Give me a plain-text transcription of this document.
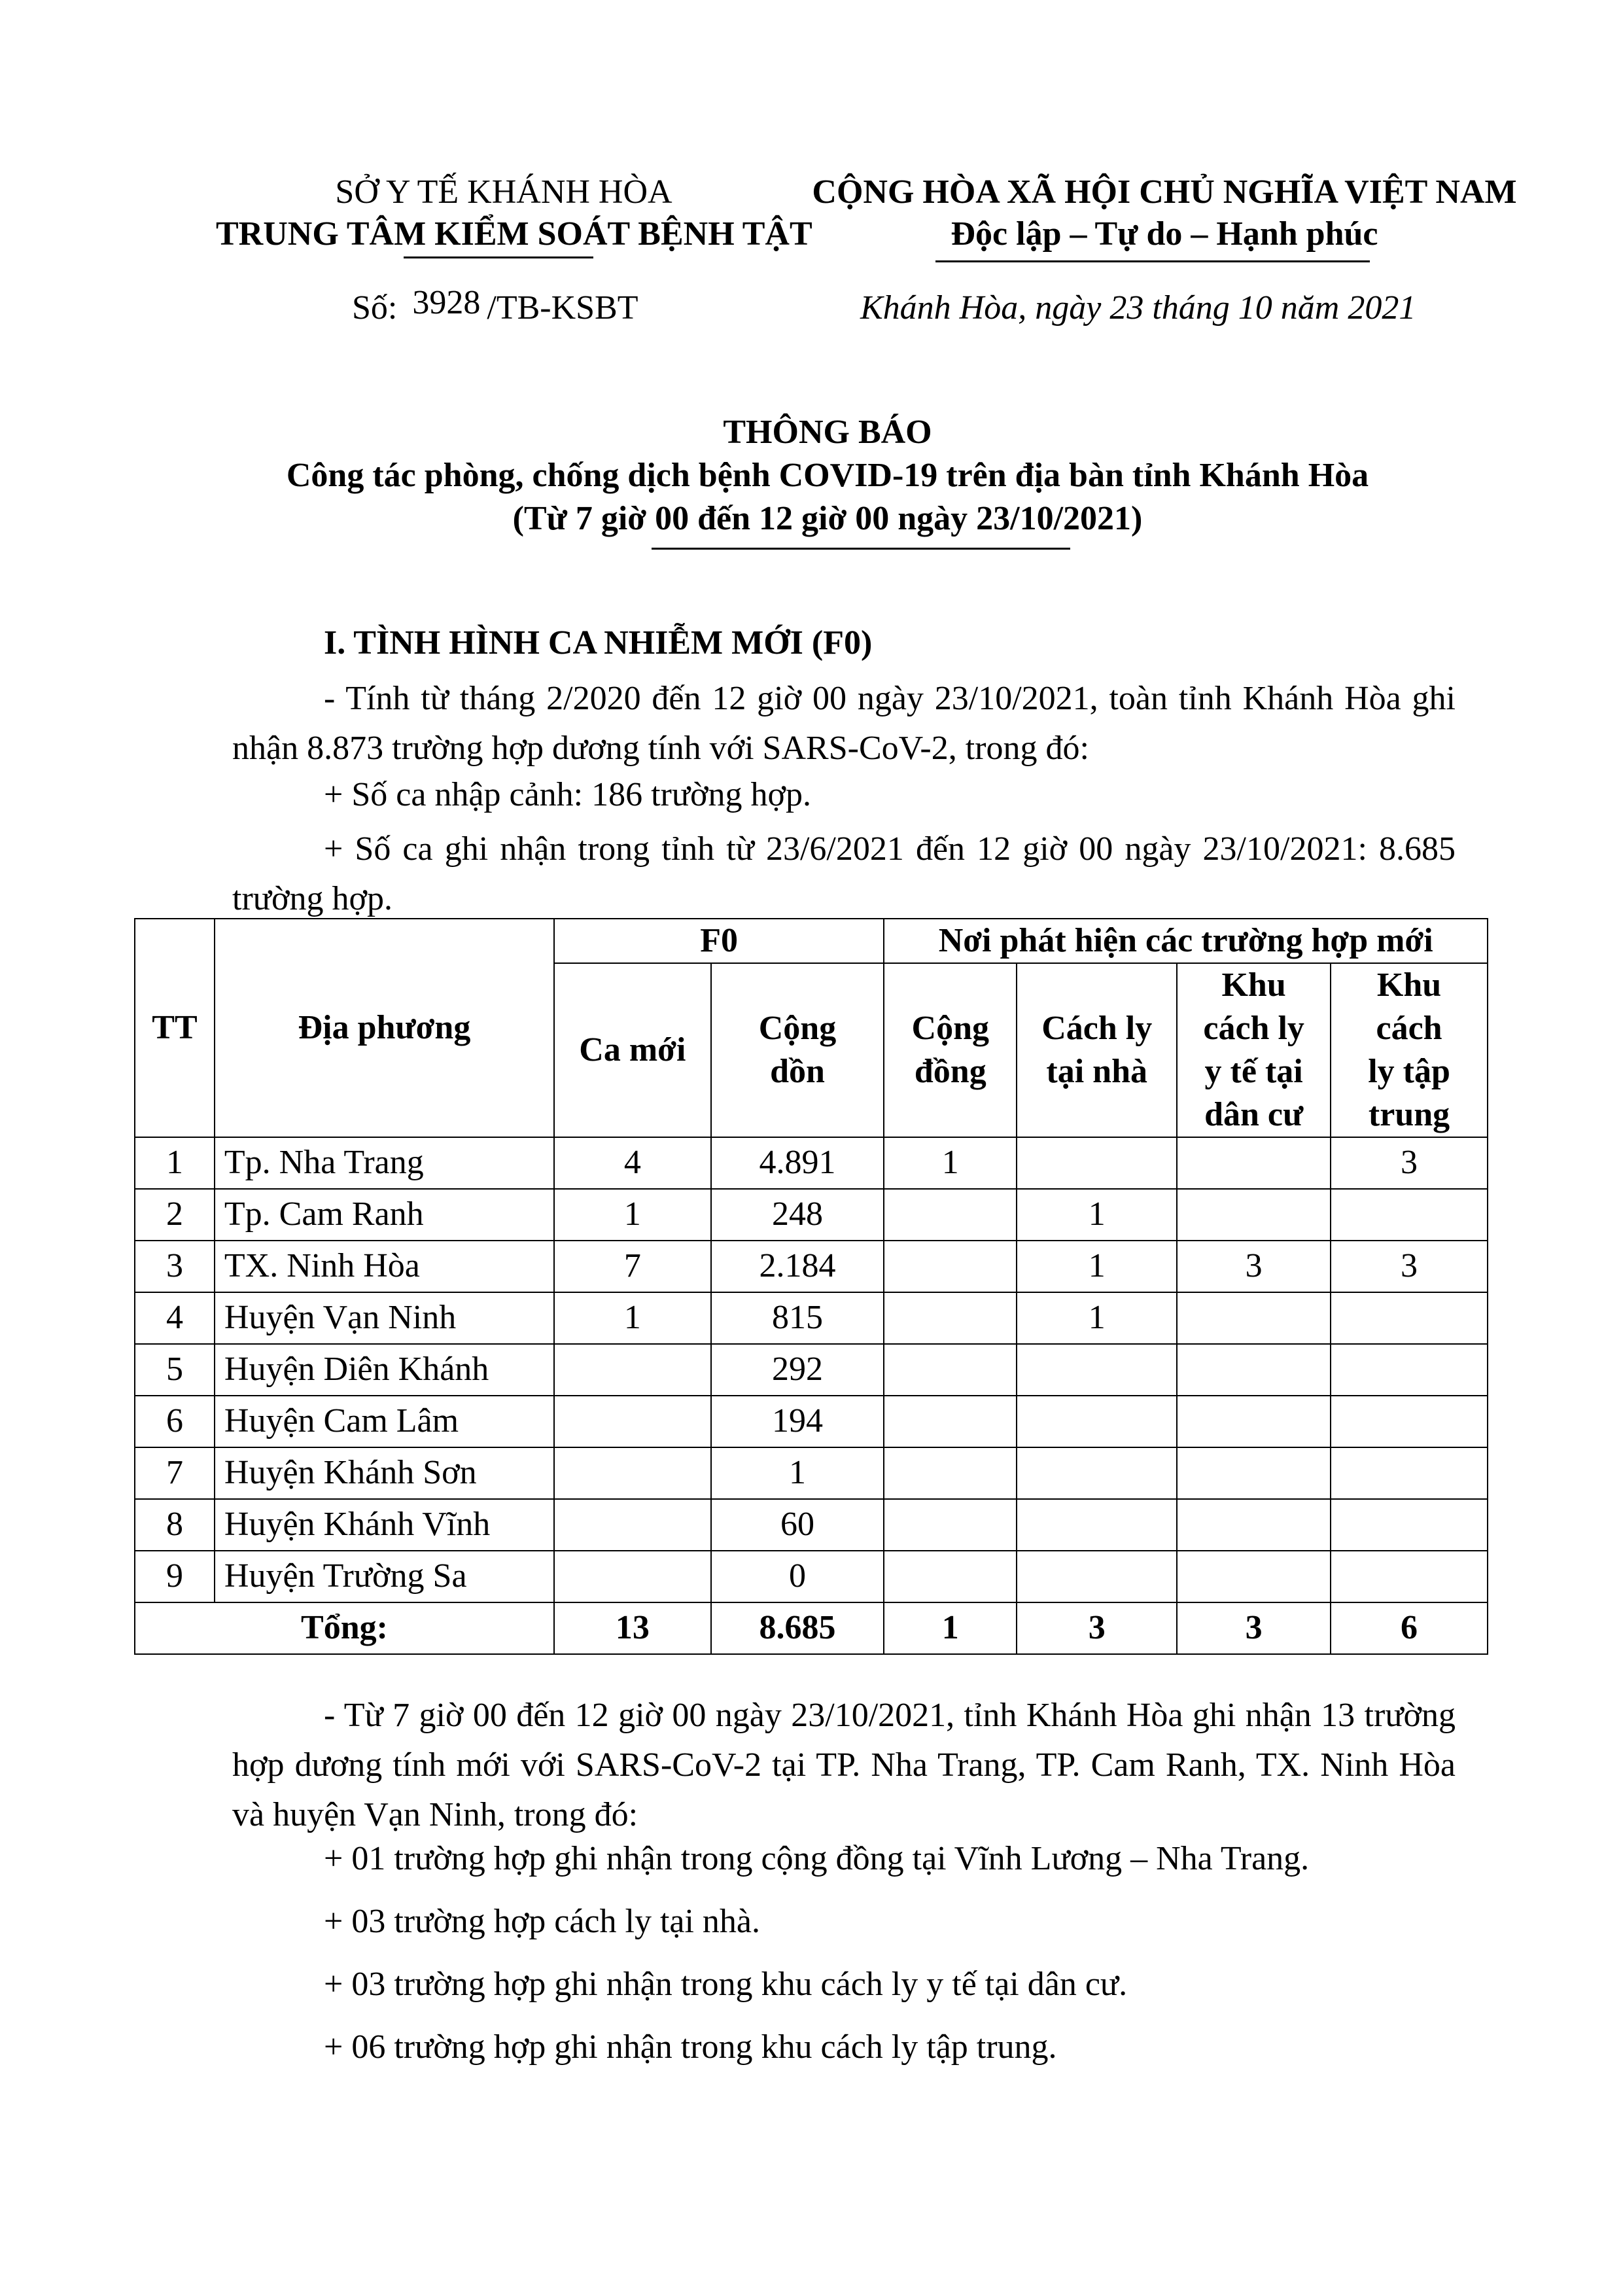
SỞ Y TẾ KHÁNH HÒA
TRUNG TÂM KIỂM SOÁT BỆNH TẬT
CỘNG HÒA XÃ HỘI CHỦ NGHĨA VIỆT NAM
Độc lập – Tự do – Hạnh phúc
Số: 3928 /TB-KSBT	Khánh Hòa, ngày 23 tháng 10 năm 2021
THÔNG BÁO
Công tác phòng, chống dịch bệnh COVID-19 trên địa bàn tỉnh Khánh Hòa
(Từ 7 giờ 00 đến 12 giờ 00 ngày 23/10/2021)
I. TÌNH HÌNH CA NHIỄM MỚI (F0)
- Tính từ tháng 2/2020 đến 12 giờ 00 ngày 23/10/2021, toàn tỉnh Khánh Hòa ghi nhận 8.873 trường hợp dương tính với SARS-CoV-2, trong đó:
+ Số ca nhập cảnh: 186 trường hợp.
+ Số ca ghi nhận trong tỉnh từ 23/6/2021 đến 12 giờ 00 ngày 23/10/2021: 8.685 trường hợp.
TT	Địa phương	F0		Nơi phát hiện các trường hợp mới			
		Ca mới	Cộng dồn	Cộng đồng	Cách ly tại nhà	Khu cách ly y tế tại dân cư	Khu cách ly tập trung
1	Tp. Nha Trang	4	4.891	1			3
2	Tp. Cam Ranh	1	248		1		
3	TX. Ninh Hòa	7	2.184		1	3	3
4	Huyện Vạn Ninh	1	815		1		
5	Huyện Diên Khánh		292				
6	Huyện Cam Lâm		194				
7	Huyện Khánh Sơn		1				
8	Huyện Khánh Vĩnh		60				
9	Huyện Trường Sa		0				
Tổng:		13	8.685	1	3	3	6
- Từ 7 giờ 00 đến 12 giờ 00 ngày 23/10/2021, tỉnh Khánh Hòa ghi nhận 13 trường hợp dương tính mới với SARS-CoV-2 tại TP. Nha Trang, TP. Cam Ranh, TX. Ninh Hòa và huyện Vạn Ninh, trong đó:
+ 01 trường hợp ghi nhận trong cộng đồng tại Vĩnh Lương – Nha Trang.
+ 03 trường hợp cách ly tại nhà.
+ 03 trường hợp ghi nhận trong khu cách ly y tế tại dân cư.
+ 06 trường hợp ghi nhận trong khu cách ly tập trung.
